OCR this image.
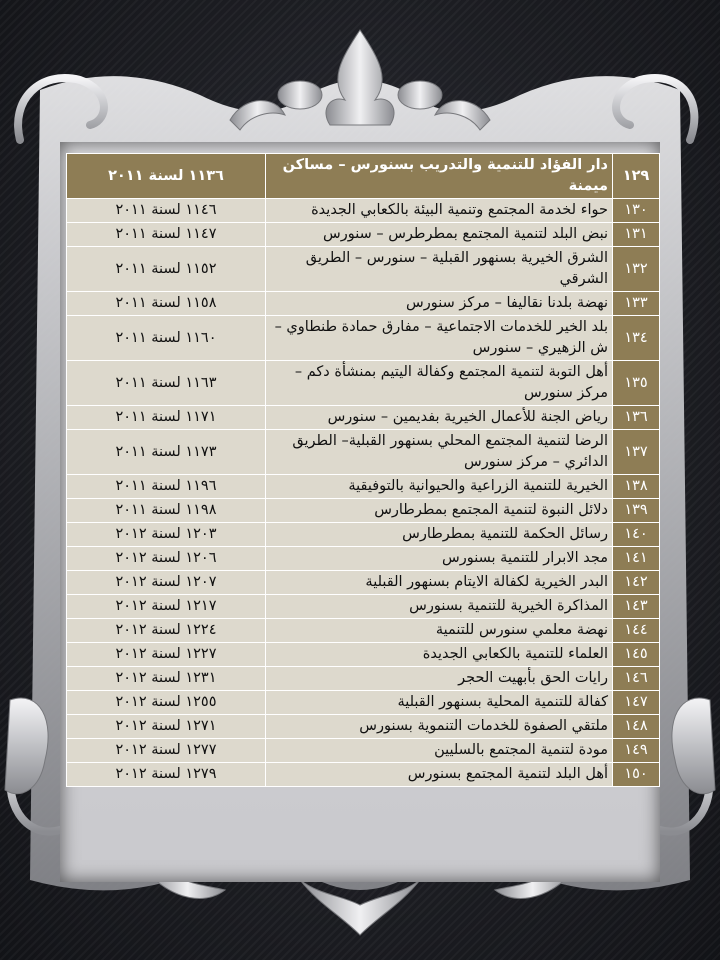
١٢٩	دار الفؤاد للتنمية والتدريب بسنورس – مساكن ميمنة	١١٣٦ لسنة ٢٠١١
١٣٠	حواء لخدمة المجتمع وتنمية البيئة بالكعابي الجديدة	١١٤٦ لسنة ٢٠١١
١٣١	نبض البلد لتنمية المجتمع بمطرطرس – سنورس	١١٤٧ لسنة ٢٠١١
١٣٢	الشرق الخيرية بسنهور القبلية – سنورس – الطريق الشرقي	١١٥٢ لسنة ٢٠١١
١٣٣	نهضة بلدنا نقاليفا – مركز سنورس	١١٥٨ لسنة ٢٠١١
١٣٤	بلد الخير للخدمات الاجتماعية – مفارق حمادة طنطاوي – ش الزهيري – سنورس	١١٦٠ لسنة ٢٠١١
١٣٥	أهل التوبة لتنمية المجتمع وكفالة اليتيم بمنشأة دكم – مركز سنورس	١١٦٣ لسنة ٢٠١١
١٣٦	رياض الجنة للأعمال الخيرية بفديمين – سنورس	١١٧١ لسنة ٢٠١١
١٣٧	الرضا لتنمية المجتمع المحلي بسنهور القبلية– الطريق الدائري – مركز سنورس	١١٧٣ لسنة ٢٠١١
١٣٨	الخيرية للتنمية الزراعية والحيوانية بالتوفيقية	١١٩٦ لسنة ٢٠١١
١٣٩	دلائل النبوة لتنمية المجتمع بمطرطارس	١١٩٨ لسنة ٢٠١١
١٤٠	رسائل الحكمة للتنمية بمطرطارس	١٢٠٣ لسنة ٢٠١٢
١٤١	مجد الابرار للتنمية بسنورس	١٢٠٦ لسنة ٢٠١٢
١٤٢	البدر الخيرية لكفالة الايتام بسنهور القبلية	١٢٠٧ لسنة ٢٠١٢
١٤٣	المذاكرة الخيرية للتنمية بسنورس	١٢١٧ لسنة ٢٠١٢
١٤٤	نهضة معلمي سنورس للتنمية	١٢٢٤ لسنة ٢٠١٢
١٤٥	العلماء للتنمية بالكعابي الجديدة	١٢٢٧ لسنة ٢٠١٢
١٤٦	رايات الحق بأبهيت الحجر	١٢٣١ لسنة ٢٠١٢
١٤٧	كفالة للتنمية المحلية بسنهور القبلية	١٢٥٥ لسنة ٢٠١٢
١٤٨	ملتقي الصفوة للخدمات التنموية بسنورس	١٢٧١ لسنة ٢٠١٢
١٤٩	مودة لتنمية المجتمع بالسليين	١٢٧٧ لسنة ٢٠١٢
١٥٠	أهل البلد لتنمية المجتمع بسنورس	١٢٧٩ لسنة ٢٠١٢
